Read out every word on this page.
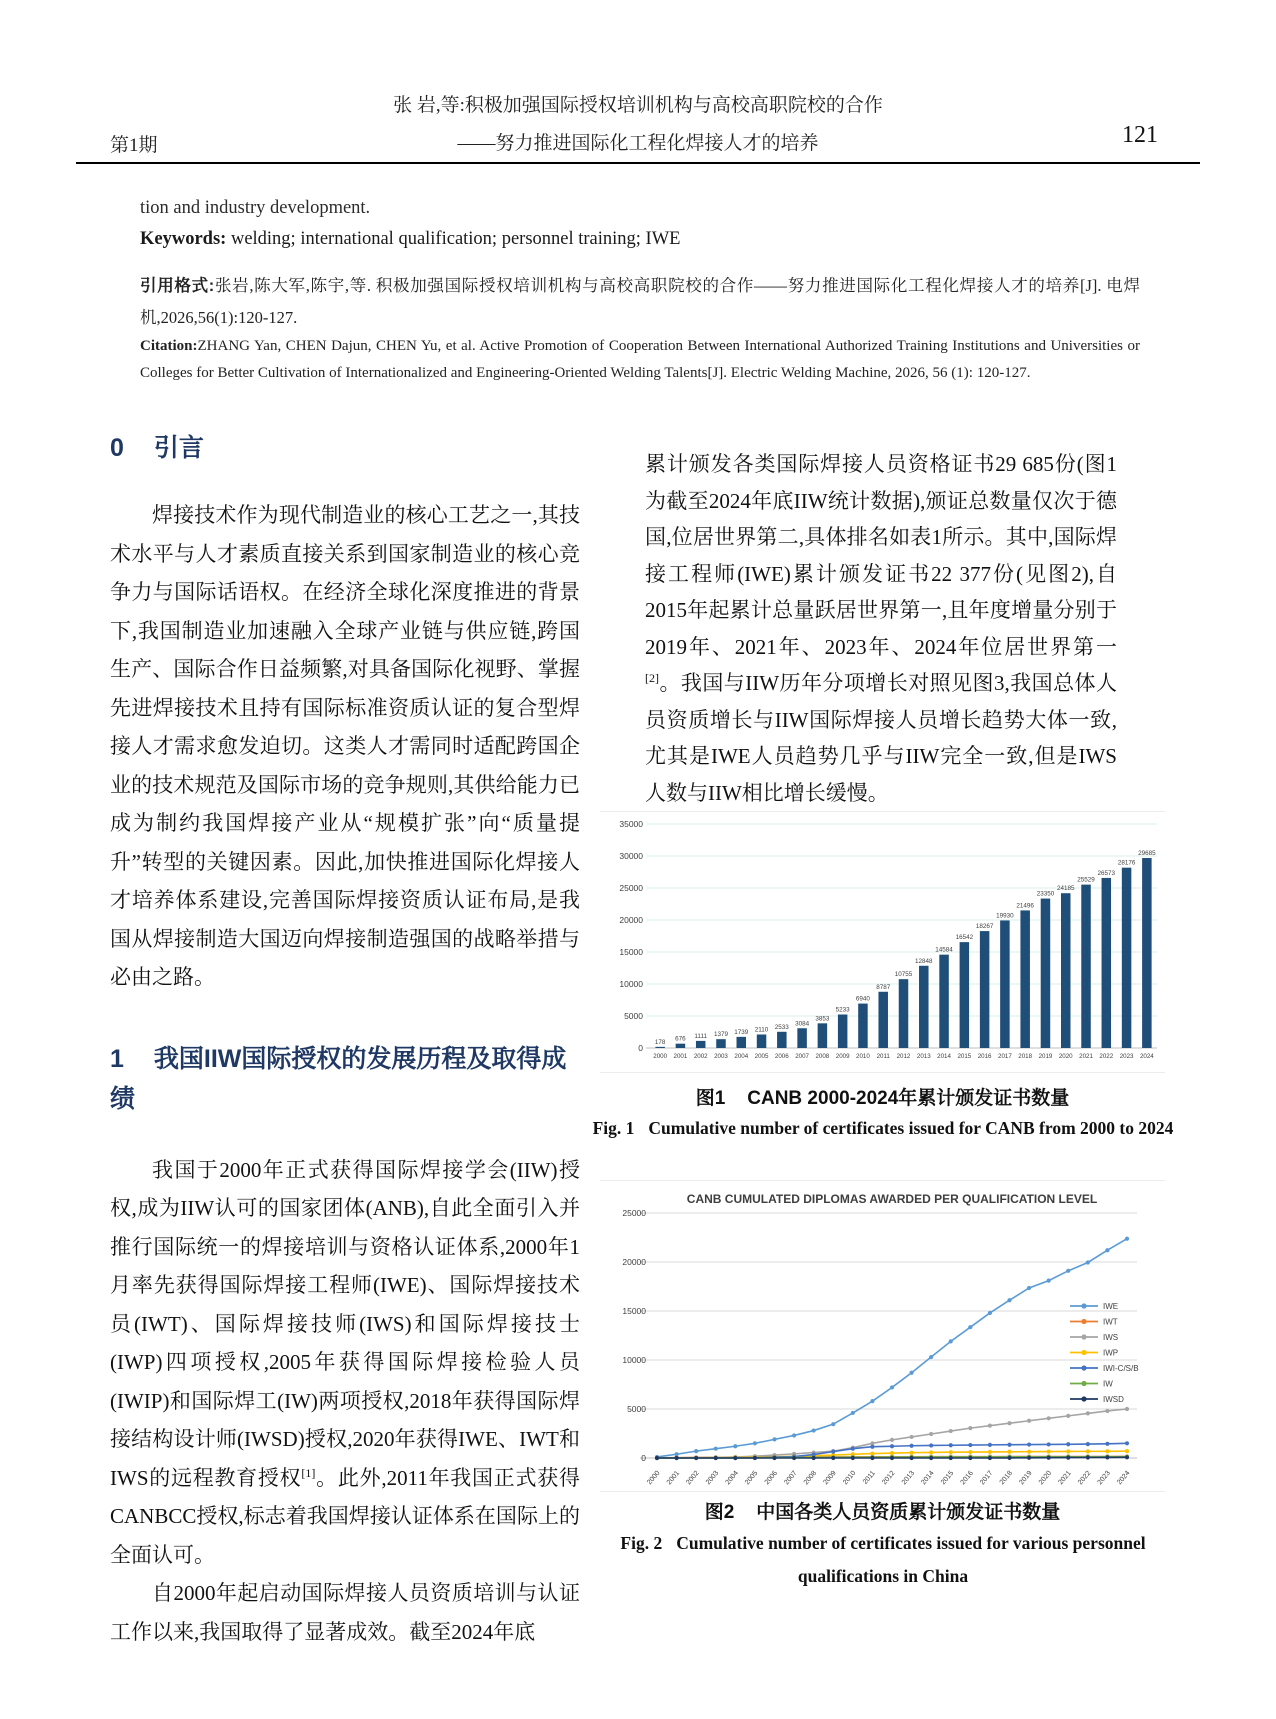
张 岩,等:积极加强国际授权培训机构与高校高职院校的合作
第1期	——努力推进国际化工程化焊接人才的培养	121
tion and industry development.
Keywords: welding; international qualification; personnel training; IWE
引用格式:张岩,陈大军,陈宇,等. 积极加强国际授权培训机构与高校高职院校的合作——努力推进国际化工程化焊接人才的培养[J]. 电焊机,2026,56(1):120-127.
Citation:ZHANG Yan, CHEN Dajun, CHEN Yu, et al. Active Promotion of Cooperation Between International Authorized Training Institutions and Universities or Colleges for Better Cultivation of Internationalized and Engineering-Oriented Welding Talents[J]. Electric Welding Machine, 2026, 56 (1): 120-127.

0 引言

焊接技术作为现代制造业的核心工艺之一,其技术水平与人才素质直接关系到国家制造业的核心竞争力与国际话语权。在经济全球化深度推进的背景下,我国制造业加速融入全球产业链与供应链,跨国生产、国际合作日益频繁,对具备国际化视野、掌握先进焊接技术且持有国际标准资质认证的复合型焊接人才需求愈发迫切。这类人才需同时适配跨国企业的技术规范及国际市场的竞争规则,其供给能力已成为制约我国焊接产业从“规模扩张”向“质量提升”转型的关键因素。因此,加快推进国际化焊接人才培养体系建设,完善国际焊接资质认证布局,是我国从焊接制造大国迈向焊接制造强国的战略举措与必由之路。

1 我国IIW国际授权的发展历程及取得成绩

我国于2000年正式获得国际焊接学会(IIW)授权,成为IIW认可的国家团体(ANB),自此全面引入并推行国际统一的焊接培训与资格认证体系,2000年1月率先获得国际焊接工程师(IWE)、国际焊接技术员(IWT)、国际焊接技师(IWS)和国际焊接技士(IWP)四项授权,2005年获得国际焊接检验人员(IWIP)和国际焊工(IW)两项授权,2018年获得国际焊接结构设计师(IWSD)授权,2020年获得IWE、IWT和IWS的远程教育授权[1]。此外,2011年我国正式获得CANBCC授权,标志着我国焊接认证体系在国际上的全面认可。

自2000年起启动国际焊接人员资质培训与认证工作以来,我国取得了显著成效。截至2024年底

累计颁发各类国际焊接人员资格证书29 685份(图1为截至2024年底IIW统计数据),颁证总数量仅次于德国,位居世界第二,具体排名如表1所示。其中,国际焊接工程师(IWE)累计颁发证书22 377份(见图2),自2015年起累计总量跃居世界第一,且年度增量分别于2019年、2021年、2023年、2024年位居世界第一[2]。我国与IIW历年分项增长对照见图3,我国总体人员资质增长与IIW国际焊接人员增长趋势大体一致,尤其是IWE人员趋势几乎与IIW完全一致,但是IWS人数与IIW相比增长缓慢。

0
5000
10000
15000
20000
25000
30000
35000
178
2000
676
2001
1111
2002
1379
2003
1739
2004
2110
2005
2533
2006
3084
2007
3853
2008
5233
2009
6940
2010
8787
2011
10755
2012
12848
2013
14584
2014
16542
2015
18267
2016
19930
2017
21496
2018
23350
2019
24185
2020
25529
2021
26573
2022
28176
2023
29685
2024
图1 CANB 2000-2024年累计颁发证书数量
Fig. 1 Cumulative number of certificates issued for CANB from 2000 to 2024
CANB CUMULATED DIPLOMAS AWARDED PER QUALIFICATION LEVEL
0
5000
10000
15000
20000
25000
2000 2001 2002 2003 2004 2005 2006 2007 2008 2009 2010 2011 2012 2013 2014 2015 2016 2017 2018 2019 2020 2021 2022 2023 2024
IWE
IWT
IWS
IWP
IWI-C/S/B
IW
IWSD
图2 中国各类人员资质累计颁发证书数量
Fig. 2 Cumulative number of certificates issued for various personnel qualifications in China
